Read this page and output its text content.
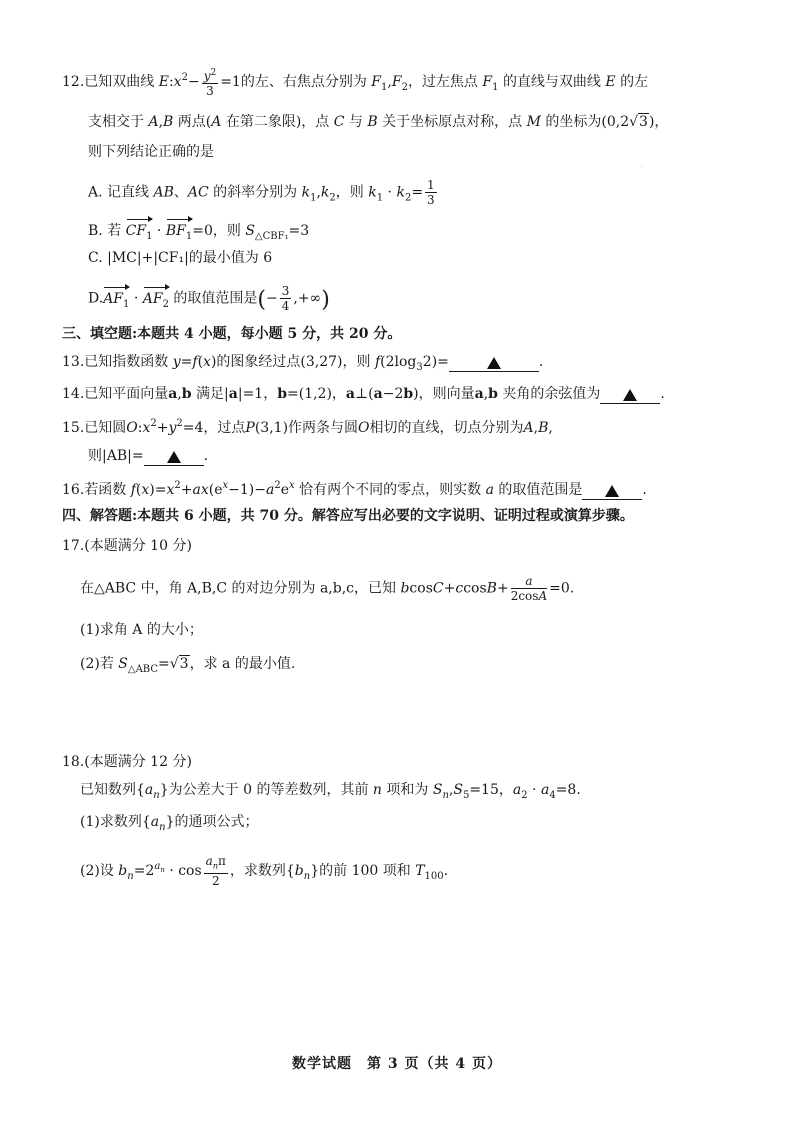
·
12.已知双曲线 $E:x^2- \frac{y^2}{3} =1$的左、右焦点分别为 $F_1,F_2$，过左焦点 $F_1$ 的直线与双曲线 E 的左
支相交于 A,B 两点(A 在第二象限)，点 C 与 B 关于坐标原点对称，点 M 的坐标为(0,2√3)，
则下列结论正确的是
A. 记直线 AB、AC 的斜率分别为 $k_1,k_2$，则 $k_1 \cdot k_2= \frac{1}{3}$
B. 若 $CF_1 \cdot BF_1=0$，则 $S_{\triangle CBF_1}=3$
C. |MC|+|CF₁|的最小值为 6
$D.AF_1 \cdot AF_2$ 的取值范围是(− $\frac{3}{4}$ ,+∞)
三、填空题:本题共 4 小题，每小题 5 分，共 20 分。
13.已知指数函数 y=f(x)的图象经过点(3,27)，则 $f(2\log_32)=$	.
14.已知平面向量a,b 满足|a|=1，b=(1,2)，a⊥(a−2b)，则向量a,b 夹角的余弦值为	.
15.已知圆$O:x^2+y^2=4$，过点P(3,1)作两条与圆O相切的直线，切点分别为A,B,
则|AB|=	.
16.若函数 $f(x)=x^2+ax(e^x-1)-a^2e^x$ 恰有两个不同的零点，则实数 a 的取值范围是	.
四、解答题:本题共 6 小题，共 70 分。解答应写出必要的文字说明、证明过程或演算步骤。
17.(本题满分 10 分)
在△ABC 中，角 A,B,C 的对边分别为 a,b,c，已知 $bcosC+ccosB+ \frac{a}{2\cos A} =0$.
(1)求角 A 的大小；
(2)若 $S_{\triangle ABC}=√3$，求 a 的最小值.
18.(本题满分 12 分)
已知数列$\{a_n\}$为公差大于 0 的等差数列，其前 n 项和为 $S_n,S_5=15$，$a_2 \cdot a_4=8$.
(1)求数列$\{a_n\}$的通项公式；
(2)设 $b_n=2^{a_n} \cdot \cos \frac{a_n\pi}{2}$ ，求数列$\{b_n\}$的前 100 项和 $T_{100}$.
数学试题　第 3 页（共 4 页）
